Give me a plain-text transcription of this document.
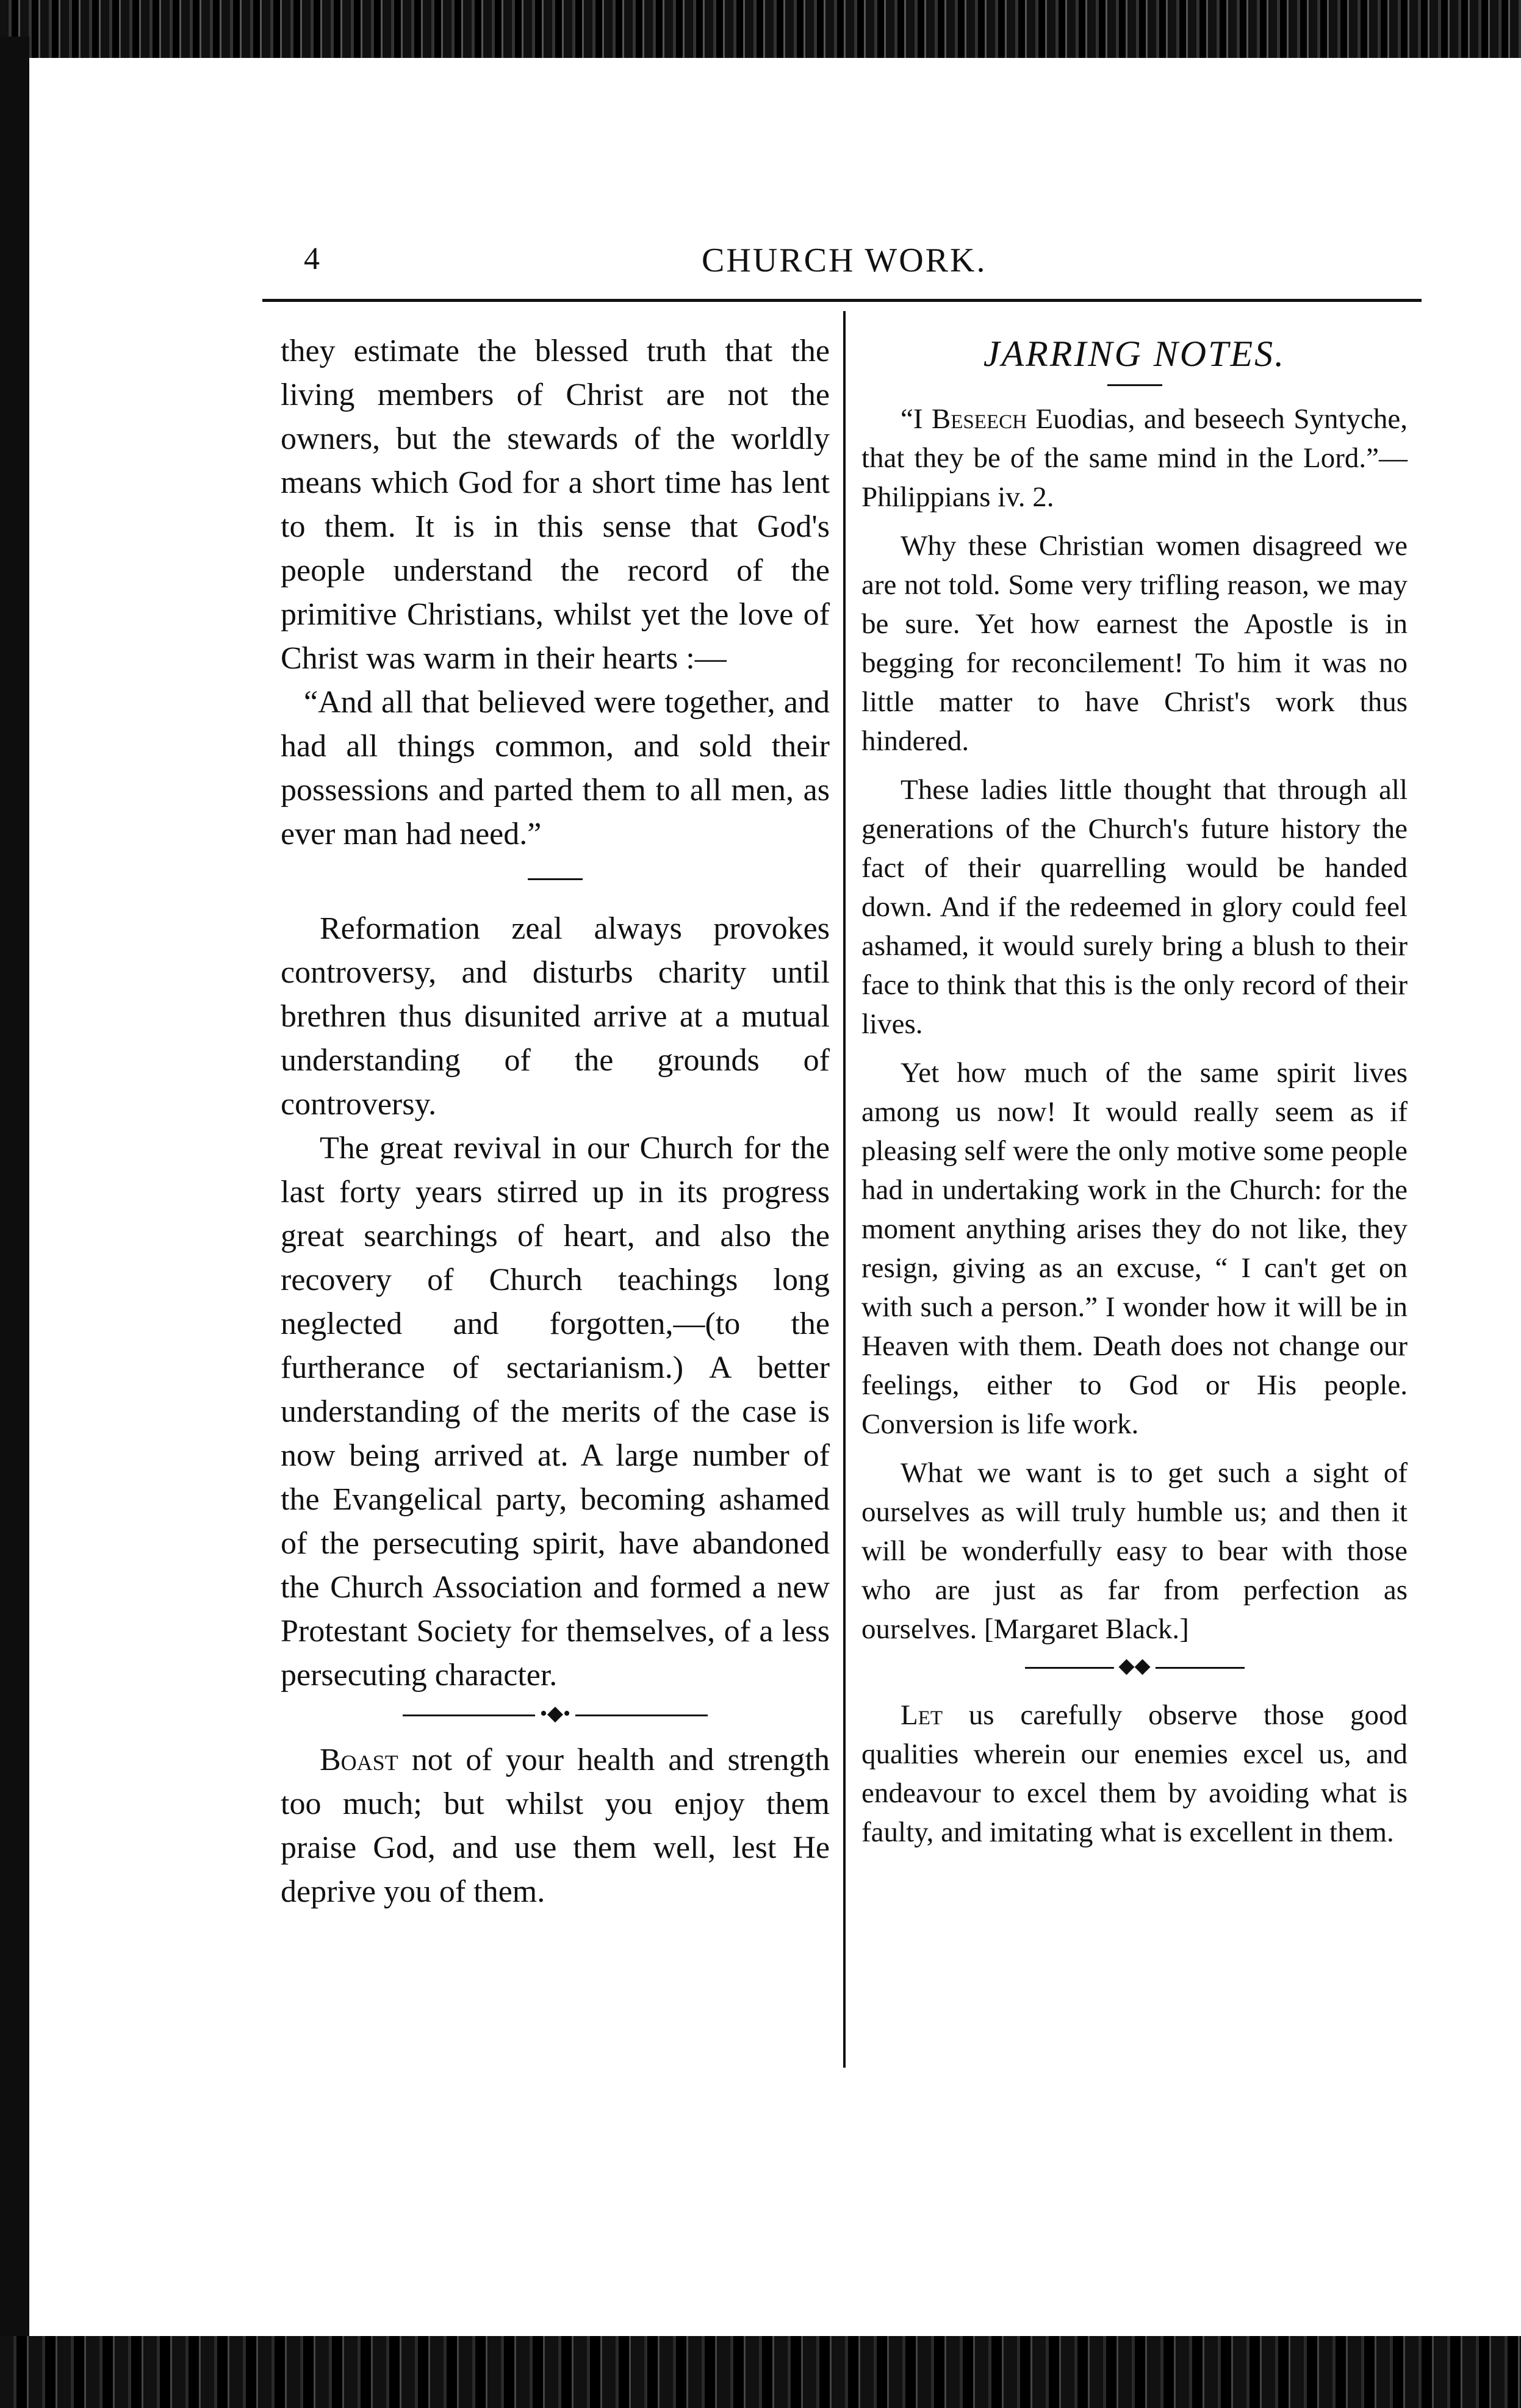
4	CHURCH WORK.

they estimate the blessed truth that the living members of Christ are not the owners, but the stewards of the worldly means which God for a short time has lent to them. It is in this sense that God's people understand the record of the primitive Christians, whilst yet the love of Christ was warm in their hearts :—

“And all that believed were together, and had all things common, and sold their possessions and parted them to all men, as ever man had need.”

Reformation zeal always provokes controversy, and disturbs charity until brethren thus disunited arrive at a mutual understanding of the grounds of controversy.

The great revival in our Church for the last forty years stirred up in its progress great searchings of heart, and also the recovery of Church teachings long neglected and forgotten,—(to the furtherance of sectarianism.) A better understanding of the merits of the case is now being arrived at. A large number of the Evangelical party, becoming ashamed of the persecuting spirit, have abandoned the Church Association and formed a new Protestant Society for themselves, of a less persecuting character.

•◆•

Boast not of your health and strength too much; but whilst you enjoy them praise God, and use them well, lest He deprive you of them.

JARRING NOTES.

“I Beseech Euodias, and beseech Syntyche, that they be of the same mind in the Lord.”—Philippians iv. 2.

Why these Christian women disagreed we are not told. Some very trifling reason, we may be sure. Yet how earnest the Apostle is in begging for reconcilement! To him it was no little matter to have Christ's work thus hindered.

These ladies little thought that through all generations of the Church's future history the fact of their quarrelling would be handed down. And if the redeemed in glory could feel ashamed, it would surely bring a blush to their face to think that this is the only record of their lives.

Yet how much of the same spirit lives among us now! It would really seem as if pleasing self were the only motive some people had in undertaking work in the Church: for the moment anything arises they do not like, they resign, giving as an excuse, “ I can't get on with such a person.” I wonder how it will be in Heaven with them. Death does not change our feelings, either to God or His people. Conversion is life work.

What we want is to get such a sight of ourselves as will truly humble us; and then it will be wonderfully easy to bear with those who are just as far from perfection as ourselves. [Margaret Black.]

◆◆

Let us carefully observe those good qualities wherein our enemies excel us, and endeavour to excel them by avoiding what is faulty, and imitating what is excellent in them.
